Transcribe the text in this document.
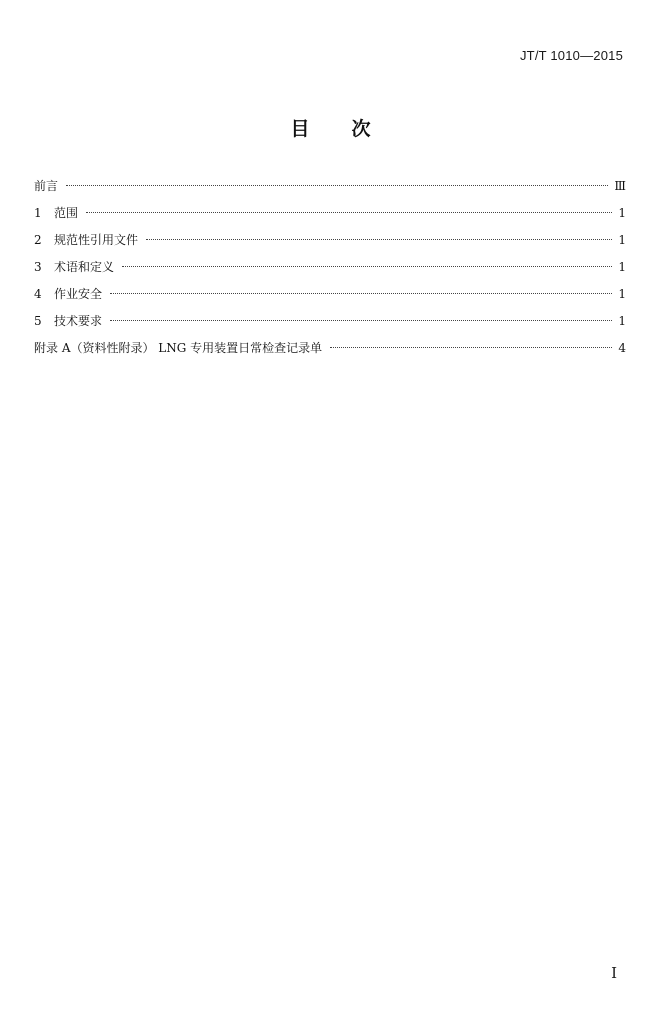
JT/T 1010—2015
目次
前言	Ⅲ
1	范围	1
2	规范性引用文件	1
3	术语和定义	1
4	作业安全	1
5	技术要求	1
附录 A（资料性附录） LNG 专用装置日常检查记录单	4
I
